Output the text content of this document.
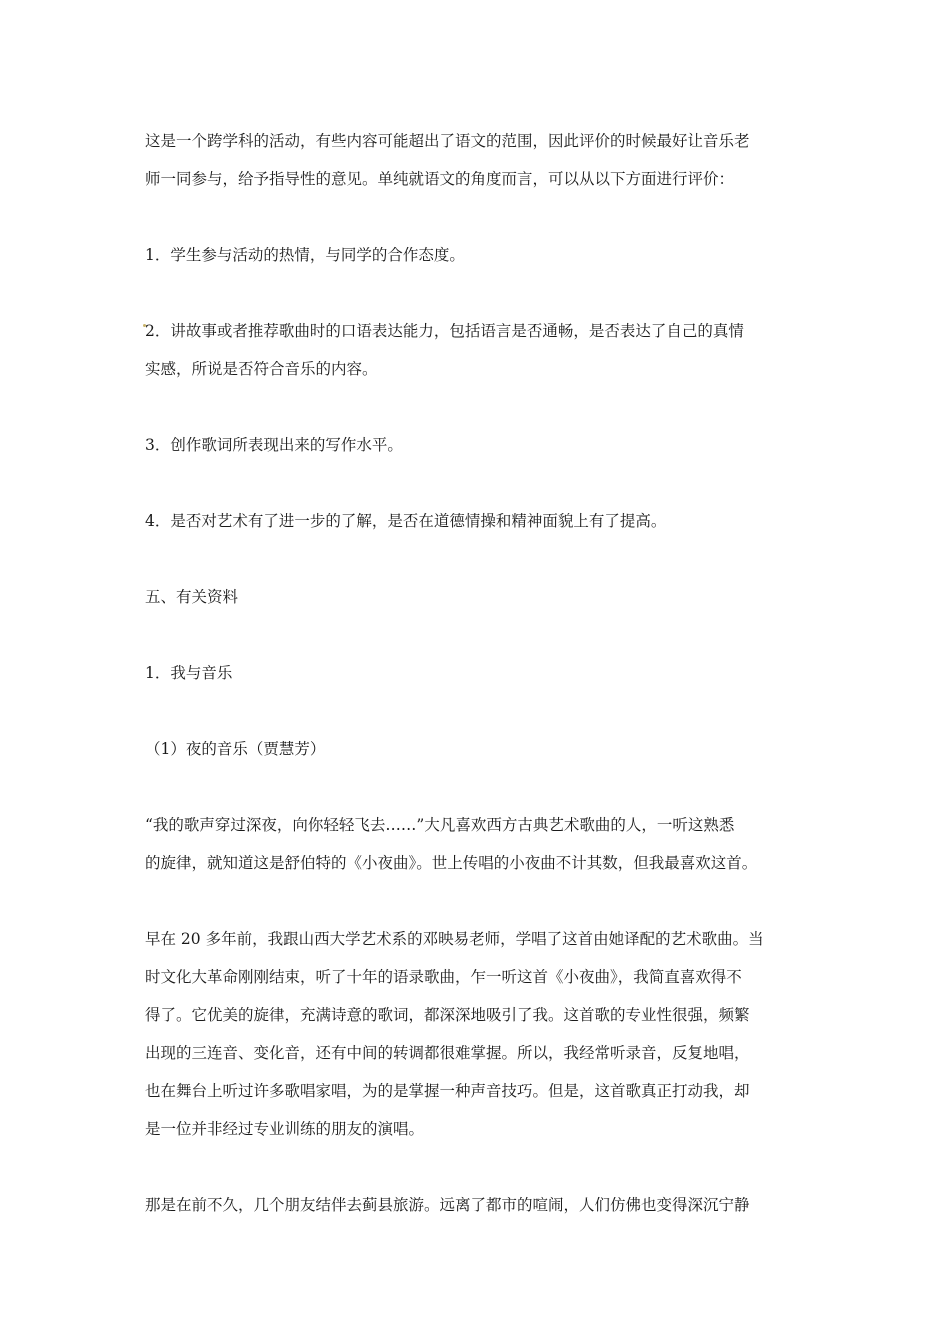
这是一个跨学科的活动，有些内容可能超出了语文的范围，因此评价的时候最好让音乐老
师一同参与，给予指导性的意见。单纯就语文的角度而言，可以从以下方面进行评价：

1．学生参与活动的热情，与同学的合作态度。

2．讲故事或者推荐歌曲时的口语表达能力，包括语言是否通畅，是否表达了自己的真情
实感，所说是否符合音乐的内容。

3．创作歌词所表现出来的写作水平。

4．是否对艺术有了进一步的了解，是否在道德情操和精神面貌上有了提高。

五、有关资料

1．我与音乐

（1）夜的音乐（贾慧芳）

“我的歌声穿过深夜，向你轻轻飞去……”大凡喜欢西方古典艺术歌曲的人，一听这熟悉
的旋律，就知道这是舒伯特的《小夜曲》。世上传唱的小夜曲不计其数，但我最喜欢这首。

早在 20 多年前，我跟山西大学艺术系的邓映易老师，学唱了这首由她译配的艺术歌曲。当
时文化大革命刚刚结束，听了十年的语录歌曲，乍一听这首《小夜曲》，我简直喜欢得不
得了。它优美的旋律，充满诗意的歌词，都深深地吸引了我。这首歌的专业性很强，频繁
出现的三连音、变化音，还有中间的转调都很难掌握。所以，我经常听录音，反复地唱，
也在舞台上听过许多歌唱家唱，为的是掌握一种声音技巧。但是，这首歌真正打动我，却
是一位并非经过专业训练的朋友的演唱。

那是在前不久，几个朋友结伴去蓟县旅游。远离了都市的喧闹，人们仿佛也变得深沉宁静
